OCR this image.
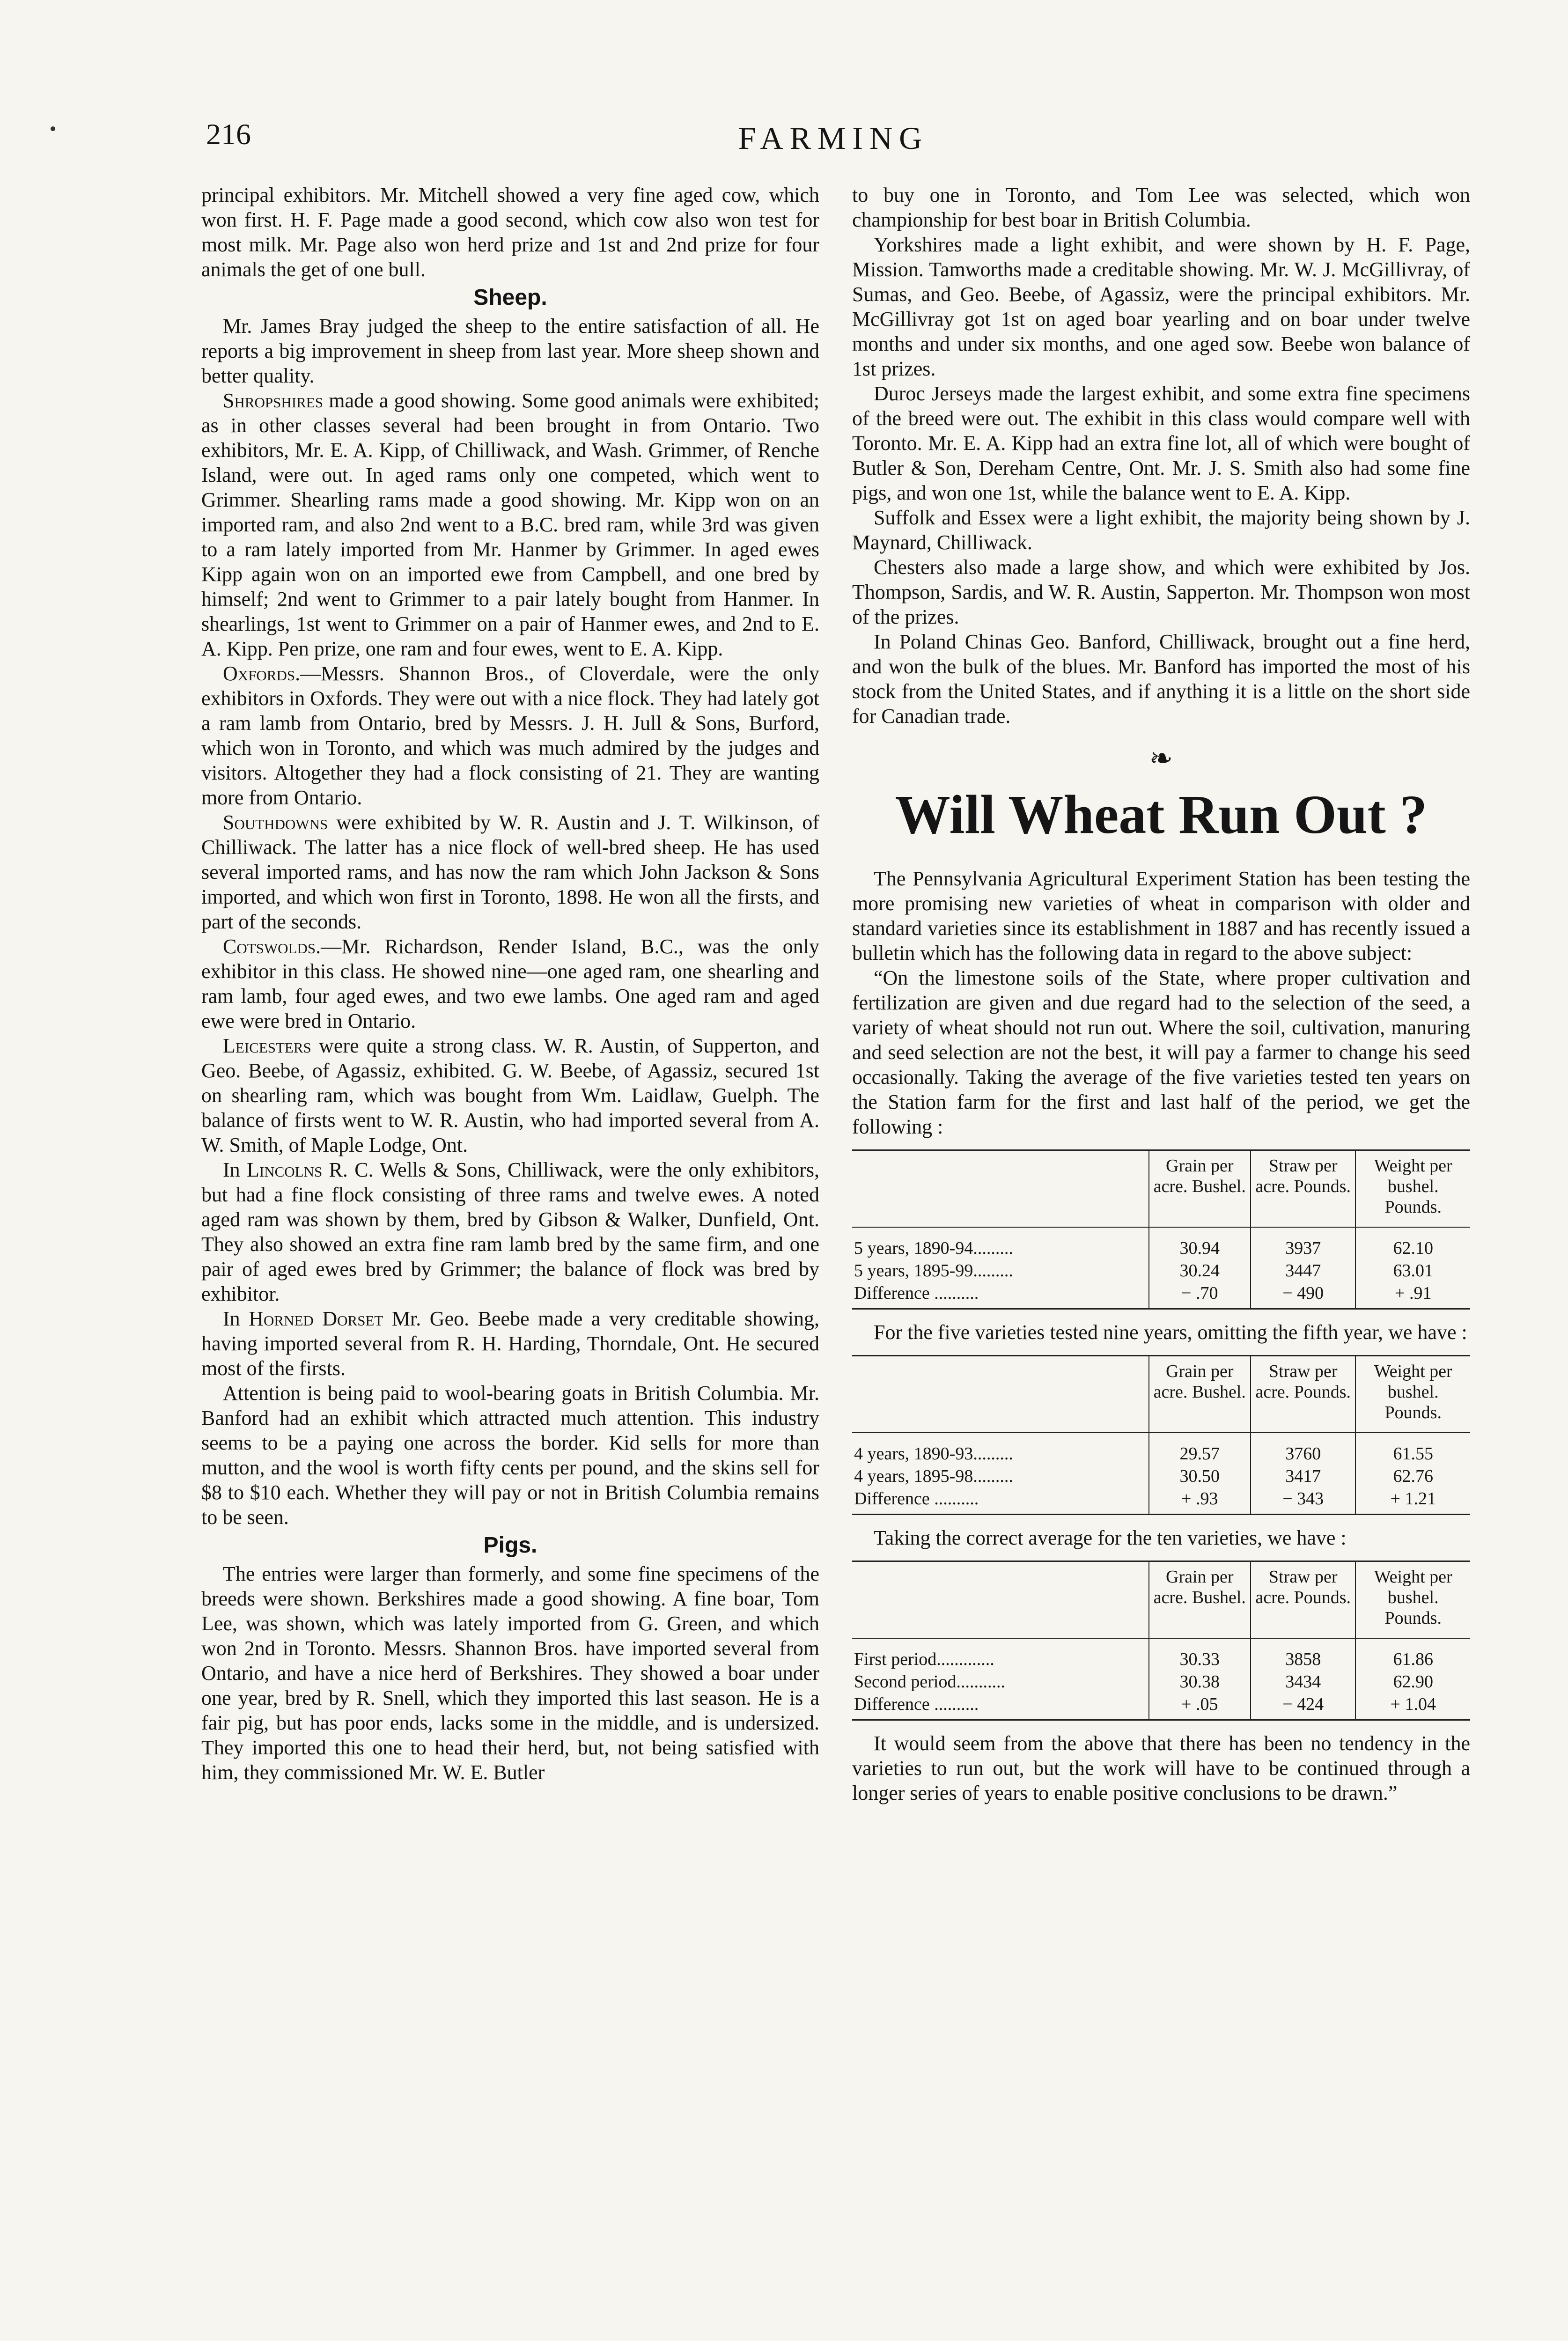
216	FARMING

principal exhibitors. Mr. Mitchell showed a very fine aged cow, which won first. H. F. Page made a good second, which cow also won test for most milk. Mr. Page also won herd prize and 1st and 2nd prize for four animals the get of one bull.

Sheep.

Mr. James Bray judged the sheep to the entire satisfaction of all. He reports a big improvement in sheep from last year. More sheep shown and better quality.

Shropshires made a good showing. Some good animals were exhibited; as in other classes several had been brought in from Ontario. Two exhibitors, Mr. E. A. Kipp, of Chilliwack, and Wash. Grimmer, of Renche Island, were out. In aged rams only one competed, which went to Grimmer. Shearling rams made a good showing. Mr. Kipp won on an imported ram, and also 2nd went to a B.C. bred ram, while 3rd was given to a ram lately imported from Mr. Hanmer by Grimmer. In aged ewes Kipp again won on an imported ewe from Campbell, and one bred by himself; 2nd went to Grimmer to a pair lately bought from Hanmer. In shearlings, 1st went to Grimmer on a pair of Hanmer ewes, and 2nd to E. A. Kipp. Pen prize, one ram and four ewes, went to E. A. Kipp.

Oxfords.—Messrs. Shannon Bros., of Cloverdale, were the only exhibitors in Oxfords. They were out with a nice flock. They had lately got a ram lamb from Ontario, bred by Messrs. J. H. Jull & Sons, Burford, which won in Toronto, and which was much admired by the judges and visitors. Altogether they had a flock consisting of 21. They are wanting more from Ontario.

Southdowns were exhibited by W. R. Austin and J. T. Wilkinson, of Chilliwack. The latter has a nice flock of well-bred sheep. He has used several imported rams, and has now the ram which John Jackson & Sons imported, and which won first in Toronto, 1898. He won all the firsts, and part of the seconds.

Cotswolds.—Mr. Richardson, Render Island, B.C., was the only exhibitor in this class. He showed nine—one aged ram, one shearling and ram lamb, four aged ewes, and two ewe lambs. One aged ram and aged ewe were bred in Ontario.

Leicesters were quite a strong class. W. R. Austin, of Supperton, and Geo. Beebe, of Agassiz, exhibited. G. W. Beebe, of Agassiz, secured 1st on shearling ram, which was bought from Wm. Laidlaw, Guelph. The balance of firsts went to W. R. Austin, who had imported several from A. W. Smith, of Maple Lodge, Ont.

In Lincolns R. C. Wells & Sons, Chilliwack, were the only exhibitors, but had a fine flock consisting of three rams and twelve ewes. A noted aged ram was shown by them, bred by Gibson & Walker, Dunfield, Ont. They also showed an extra fine ram lamb bred by the same firm, and one pair of aged ewes bred by Grimmer; the balance of flock was bred by exhibitor.

In Horned Dorset Mr. Geo. Beebe made a very creditable showing, having imported several from R. H. Harding, Thorndale, Ont. He secured most of the firsts.

Attention is being paid to wool-bearing goats in British Columbia. Mr. Banford had an exhibit which attracted much attention. This industry seems to be a paying one across the border. Kid sells for more than mutton, and the wool is worth fifty cents per pound, and the skins sell for $8 to $10 each. Whether they will pay or not in British Columbia remains to be seen.

Pigs.

The entries were larger than formerly, and some fine specimens of the breeds were shown. Berkshires made a good showing. A fine boar, Tom Lee, was shown, which was lately imported from G. Green, and which won 2nd in Toronto. Messrs. Shannon Bros. have imported several from Ontario, and have a nice herd of Berkshires. They showed a boar under one year, bred by R. Snell, which they imported this last season. He is a fair pig, but has poor ends, lacks some in the middle, and is undersized. They imported this one to head their herd, but, not being satisfied with him, they commissioned Mr. W. E. Butler

to buy one in Toronto, and Tom Lee was selected, which won championship for best boar in British Columbia.

Yorkshires made a light exhibit, and were shown by H. F. Page, Mission. Tamworths made a creditable showing. Mr. W. J. McGillivray, of Sumas, and Geo. Beebe, of Agassiz, were the principal exhibitors. Mr. McGillivray got 1st on aged boar yearling and on boar under twelve months and under six months, and one aged sow. Beebe won balance of 1st prizes.

Duroc Jerseys made the largest exhibit, and some extra fine specimens of the breed were out. The exhibit in this class would compare well with Toronto. Mr. E. A. Kipp had an extra fine lot, all of which were bought of Butler & Son, Dereham Centre, Ont. Mr. J. S. Smith also had some fine pigs, and won one 1st, while the balance went to E. A. Kipp.

Suffolk and Essex were a light exhibit, the majority being shown by J. Maynard, Chilliwack.

Chesters also made a large show, and which were exhibited by Jos. Thompson, Sardis, and W. R. Austin, Sapperton. Mr. Thompson won most of the prizes.

In Poland Chinas Geo. Banford, Chilliwack, brought out a fine herd, and won the bulk of the blues. Mr. Banford has imported the most of his stock from the United States, and if anything it is a little on the short side for Canadian trade.

❧
Will Wheat Run Out ?

The Pennsylvania Agricultural Experiment Station has been testing the more promising new varieties of wheat in comparison with older and standard varieties since its establishment in 1887 and has recently issued a bulletin which has the following data in regard to the above subject:

“On the limestone soils of the State, where proper cultivation and fertilization are given and due regard had to the selection of the seed, a variety of wheat should not run out. Where the soil, cultivation, manuring and seed selection are not the best, it will pay a farmer to change his seed occasionally. Taking the average of the five varieties tested ten years on the Station farm for the first and last half of the period, we get the following :

	Grain per acre. Bushel.	Straw per acre. Pounds.	Weight per bushel. Pounds.
5 years, 1890-94.........	30.94	3937	62.10
5 years, 1895-99.........	30.24	3447	63.01
Difference ..........	− .70	− 490	+ .91

For the five varieties tested nine years, omitting the fifth year, we have :

	Grain per acre. Bushel.	Straw per acre. Pounds.	Weight per bushel. Pounds.
4 years, 1890-93.........	29.57	3760	61.55
4 years, 1895-98.........	30.50	3417	62.76
Difference ..........	+ .93	− 343	+ 1.21

Taking the correct average for the ten varieties, we have :

	Grain per acre. Bushel.	Straw per acre. Pounds.	Weight per bushel. Pounds.
First period.............	30.33	3858	61.86
Second period...........	30.38	3434	62.90
Difference ..........	+ .05	− 424	+ 1.04

It would seem from the above that there has been no tendency in the varieties to run out, but the work will have to be continued through a longer series of years to enable positive conclusions to be drawn.”
